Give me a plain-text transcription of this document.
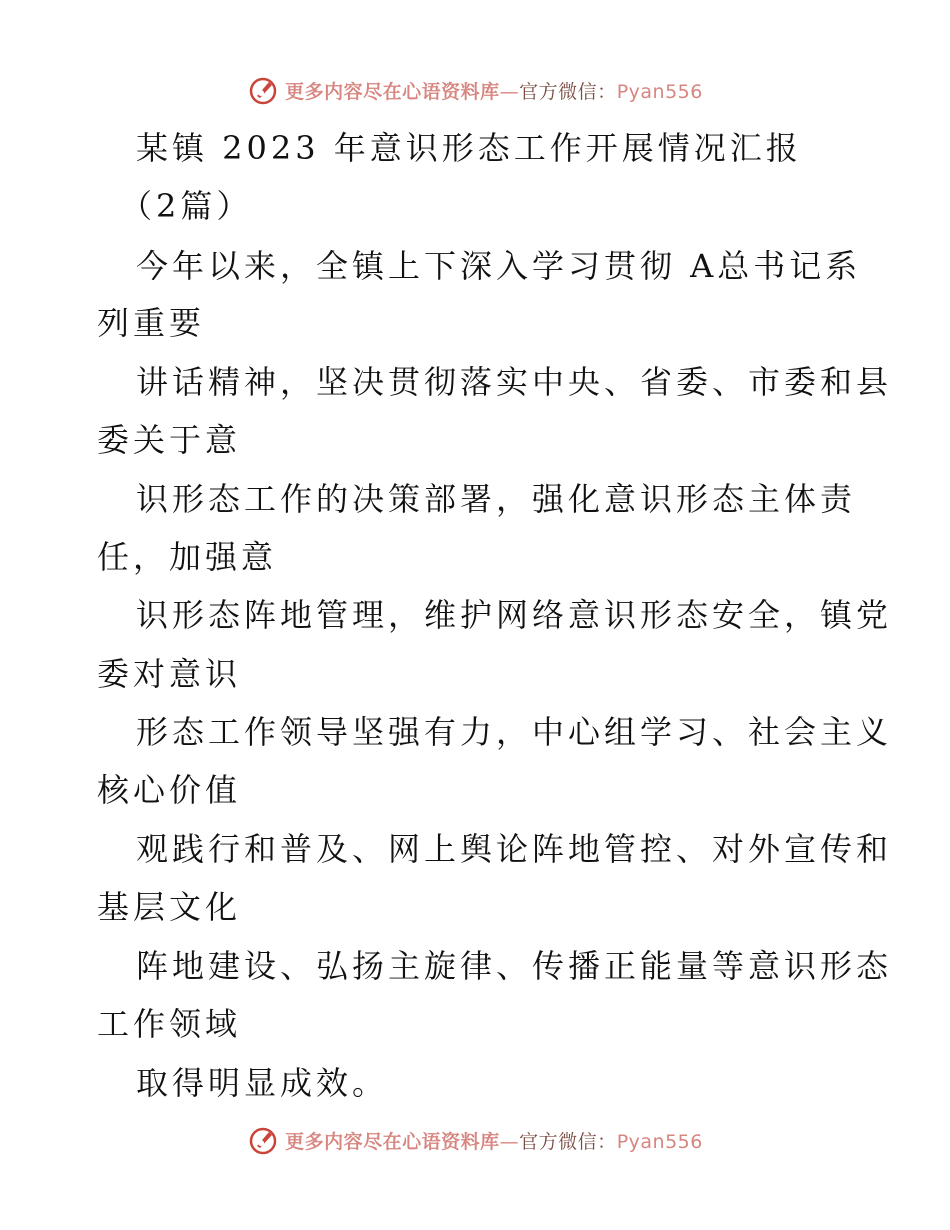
更多内容尽在心语资料库—官方微信：Pyan556
某镇 2023 年意识形态工作开展情况汇报
（2篇）
今年以来，全镇上下深入学习贯彻 A总书记系
列重要
讲话精神，坚决贯彻落实中央、省委、市委和县
委关于意
识形态工作的决策部署，强化意识形态主体责
任，加强意
识形态阵地管理，维护网络意识形态安全，镇党
委对意识
形态工作领导坚强有力，中心组学习、社会主义
核心价值
观践行和普及、网上舆论阵地管控、对外宣传和
基层文化
阵地建设、弘扬主旋律、传播正能量等意识形态
工作领域
取得明显成效。
更多内容尽在心语资料库—官方微信：Pyan556
